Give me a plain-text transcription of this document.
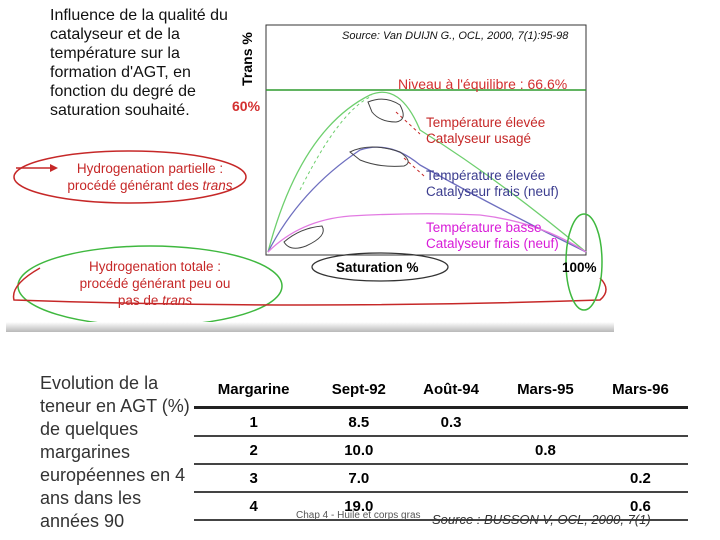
Influence de la qualité du catalyseur et de la température sur la formation d'AGT, en fonction du degré de saturation souhaité.
Trans %
60%
Source: Van DUIJN G., OCL, 2000, 7(1):95-98
Niveau à l'équilibre : 66.6%
Température élevée
Catalyseur usagé
Température élevée
Catalyseur frais (neuf)
Température basse
Catalyseur frais (neuf)
Hydrogenation partielle :
procédé générant des trans
Hydrogenation totale :
procédé générant peu ou
pas de trans
Saturation %	100%
Evolution de la teneur en AGT (%) de quelques margarines européennes en 4 ans dans les années 90
Margarine	Sept-92	Août-94	Mars-95	Mars-96
1	8.5	0.3		
2	10.0		0.8	
3	7.0			0.2
4	19.0			0.6
Chap 4 - Huile et corps gras Source : BUSSON V, OCL, 2000, 7(1)
